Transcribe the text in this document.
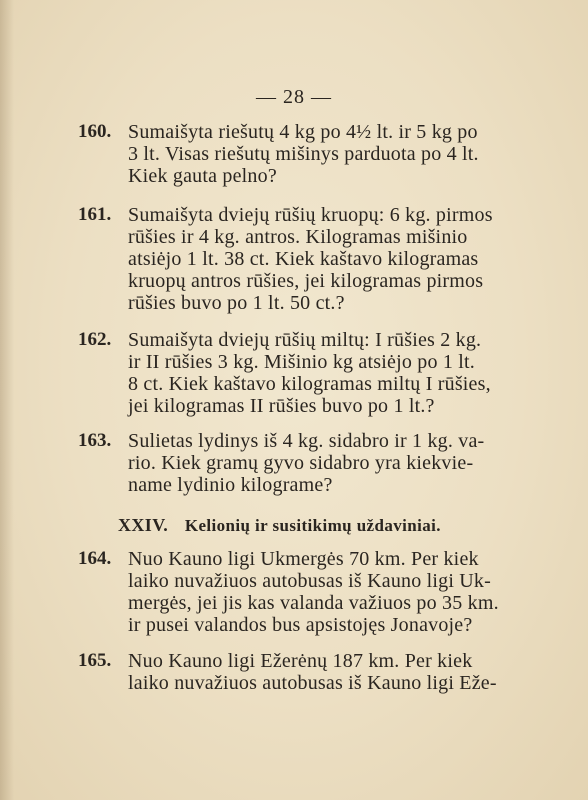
— 28 —
160. Sumaišyta riešutų 4 kg po 4½ lt. ir 5 kg po
3 lt. Visas riešutų mišinys parduota po 4 lt.
Kiek gauta pelno?
161. Sumaišyta dviejų rūšių kruopų: 6 kg. pirmos
rūšies ir 4 kg. antros. Kilogramas mišinio
atsiėjo 1 lt. 38 ct. Kiek kaštavo kilogramas
kruopų antros rūšies, jei kilogramas pirmos
rūšies buvo po 1 lt. 50 ct.?
162. Sumaišyta dviejų rūšių miltų: I rūšies 2 kg.
ir II rūšies 3 kg. Mišinio kg atsiėjo po 1 lt.
8 ct. Kiek kaštavo kilogramas miltų I rūšies,
jei kilogramas II rūšies buvo po 1 lt.?
163. Sulietas lydinys iš 4 kg. sidabro ir 1 kg. va-
rio. Kiek gramų gyvo sidabro yra kiekvie-
name lydinio kilograme?
XXIV. Kelionių ir susitikimų uždaviniai.
164. Nuo Kauno ligi Ukmergės 70 km. Per kiek
laiko nuvažiuos autobusas iš Kauno ligi Uk-
mergės, jei jis kas valanda važiuos po 35 km.
ir pusei valandos bus apsistojęs Jonavoje?
165. Nuo Kauno ligi Ežerėnų 187 km. Per kiek
laiko nuvažiuos autobusas iš Kauno ligi Eže-
